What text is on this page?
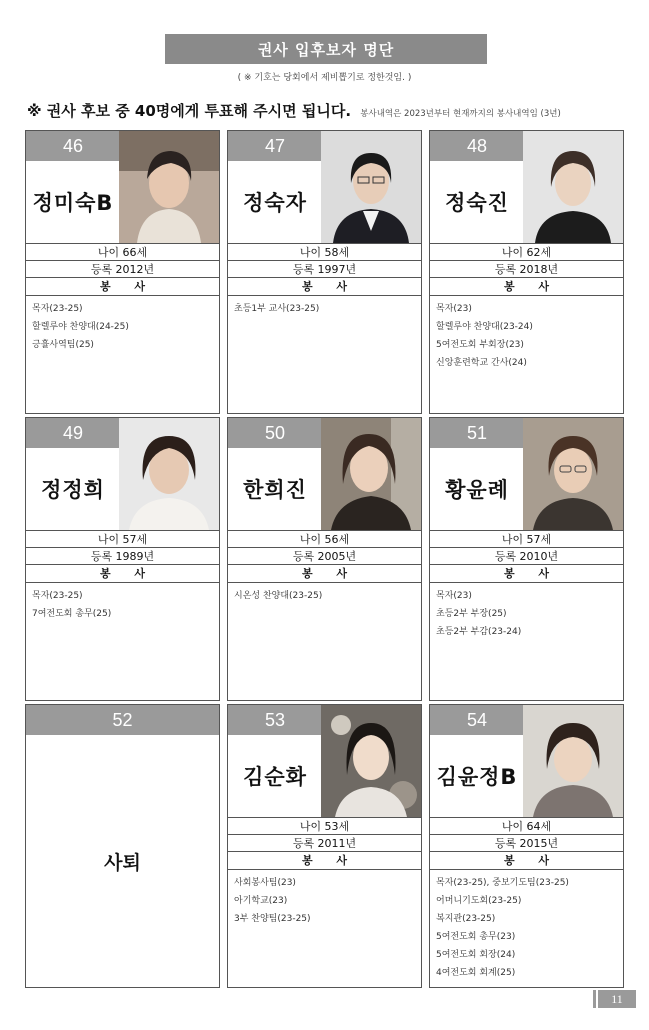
권사 입후보자 명단
( ※ 기호는 당회에서 제비뽑기로 정한것임. )
※ 권사 후보 중 40명에게 투표해 주시면 됩니다. 봉사내역은 2023년부터 현재까지의 봉사내역임 (3년)
46
정미숙B
나이 66세
등록 2012년
봉 사
목자(23-25)
할렐루야 찬양대(24-25)
긍휼사역팀(25)
47
정숙자
나이 58세
등록 1997년
봉 사
초등1부 교사(23-25)
48
정숙진
나이 62세
등록 2018년
봉 사
목자(23)
할렐루야 찬양대(23-24)
5여전도회 부회장(23)
신앙훈련학교 간사(24)
49
정정희
나이 57세
등록 1989년
봉 사
목자(23-25)
7여전도회 총무(25)
50
한희진
나이 56세
등록 2005년
봉 사
시온성 찬양대(23-25)
51
황윤례
나이 57세
등록 2010년
봉 사
목자(23)
초등2부 부장(25)
초등2부 부감(23-24)
52
사퇴
53
김순화
나이 53세
등록 2011년
봉 사
사회봉사팀(23)
아기학교(23)
3부 찬양팀(23-25)
54
김윤정B
나이 64세
등록 2015년
봉 사
목자(23-25), 중보기도팀(23-25)
어머니기도회(23-25)
복지관(23-25)
5여전도회 총무(23)
5여전도회 회장(24)
4여전도회 회계(25)
11
